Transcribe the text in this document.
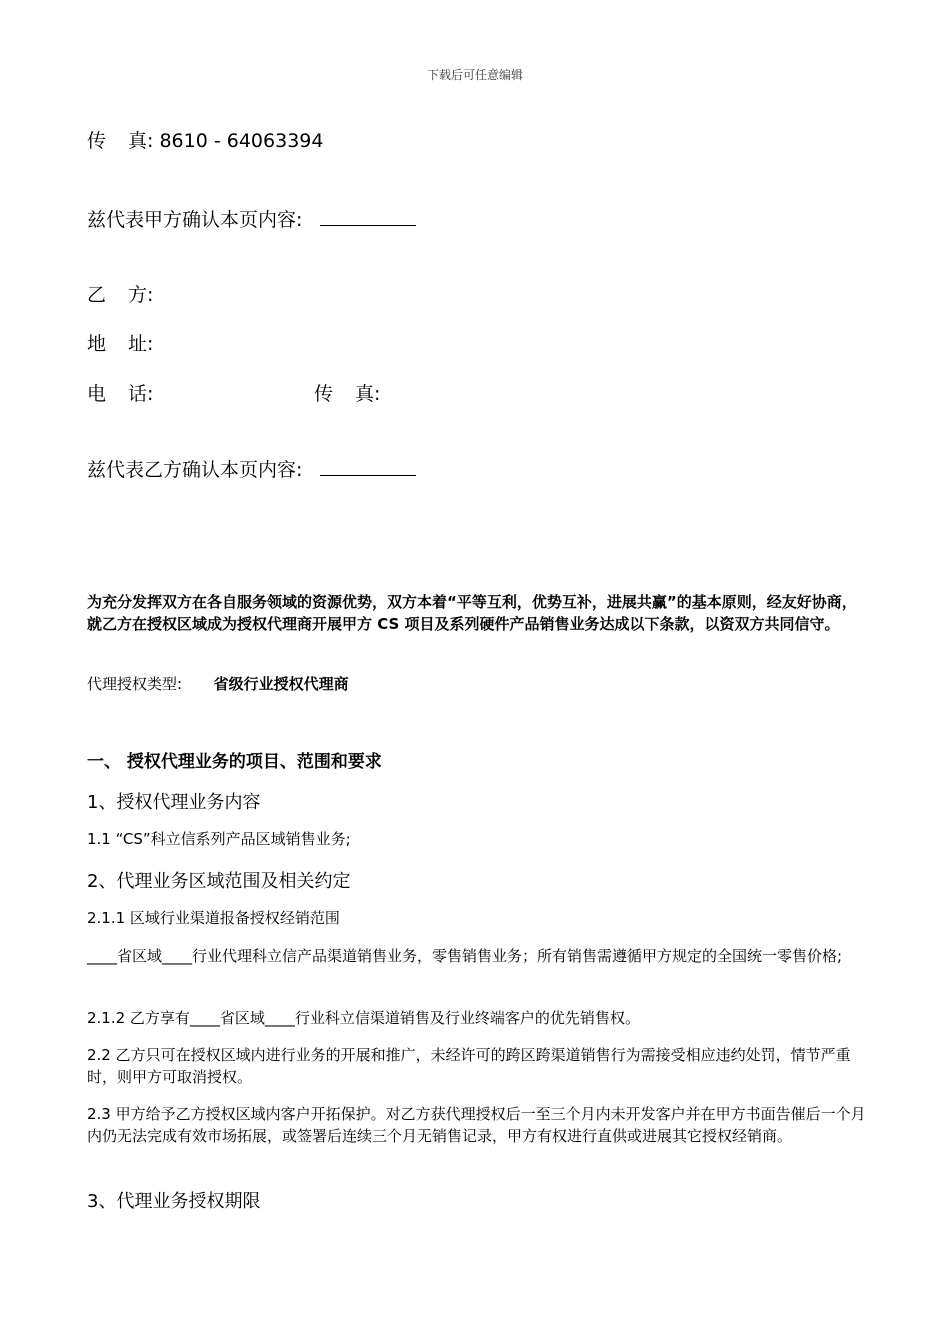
下载后可任意编辑
传 真: 8610 - 64063394
兹代表甲方确认本页内容:
乙 方:
地 址:
电 话:	传 真:
兹代表乙方确认本页内容:
为充分发挥双方在各自服务领域的资源优势，双方本着“平等互利，优势互补，进展共赢”的基本原则，经友好协商，就乙方在授权区域成为授权代理商开展甲方 CS 项目及系列硬件产品销售业务达成以下条款，以资双方共同信守。
代理授权类型: 省级行业授权代理商
一、 授权代理业务的项目、范围和要求
1、授权代理业务内容
1.1 “CS”科立信系列产品区域销售业务;
2、代理业务区域范围及相关约定
2.1.1 区域行业渠道报备授权经销范围
____省区域____行业代理科立信产品渠道销售业务，零售销售业务；所有销售需遵循甲方规定的全国统一零售价格;
2.1.2 乙方享有____省区域____行业科立信渠道销售及行业终端客户的优先销售权。
2.2 乙方只可在授权区域内进行业务的开展和推广，未经许可的跨区跨渠道销售行为需接受相应违约处罚，情节严重时，则甲方可取消授权。
2.3 甲方给予乙方授权区域内客户开拓保护。对乙方获代理授权后一至三个月内未开发客户并在甲方书面告催后一个月内仍无法完成有效市场拓展，或签署后连续三个月无销售记录，甲方有权进行直供或进展其它授权经销商。
3、代理业务授权期限
